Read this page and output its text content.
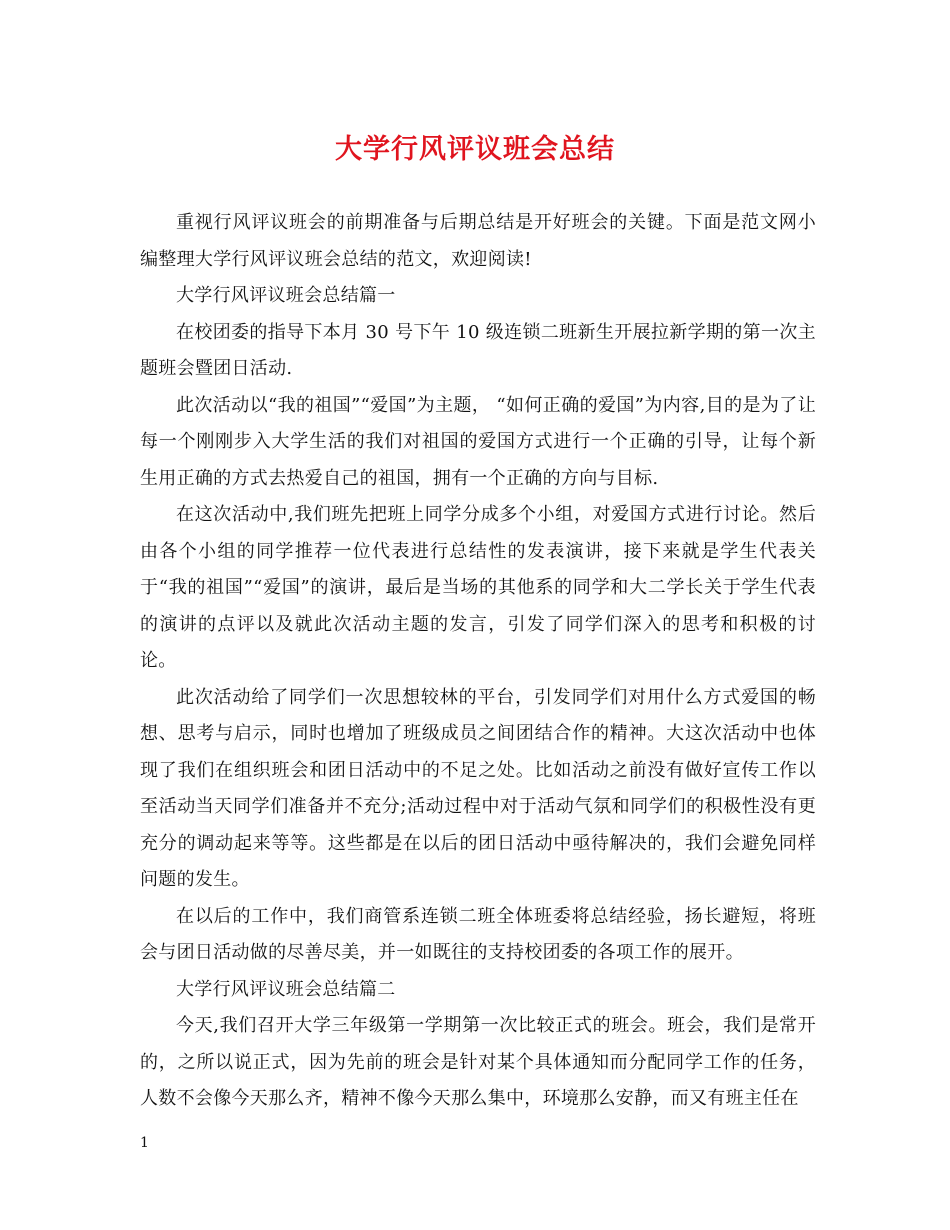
大学行风评议班会总结

重视行风评议班会的前期准备与后期总结是开好班会的关键。下面是范文网小编整理大学行风评议班会总结的范文，欢迎阅读!

大学行风评议班会总结篇一

在校团委的指导下本月 30 号下午 10 级连锁二班新生开展拉新学期的第一次主题班会暨团日活动.

此次活动以“我的祖国”“爱国”为主题， “如何正确的爱国”为内容,目的是为了让每一个刚刚步入大学生活的我们对祖国的爱国方式进行一个正确的引导，让每个新生用正确的方式去热爱自己的祖国，拥有一个正确的方向与目标.

在这次活动中,我们班先把班上同学分成多个小组，对爱国方式进行讨论。然后由各个小组的同学推荐一位代表进行总结性的发表演讲，接下来就是学生代表关于“我的祖国”“爱国”的演讲，最后是当场的其他系的同学和大二学长关于学生代表的演讲的点评以及就此次活动主题的发言，引发了同学们深入的思考和积极的讨论。

此次活动给了同学们一次思想较林的平台，引发同学们对用什么方式爱国的畅想、思考与启示，同时也增加了班级成员之间团结合作的精神。大这次活动中也体现了我们在组织班会和团日活动中的不足之处。比如活动之前没有做好宣传工作以至活动当天同学们准备并不充分;活动过程中对于活动气氛和同学们的积极性没有更充分的调动起来等等。这些都是在以后的团日活动中亟待解决的，我们会避免同样问题的发生。

在以后的工作中，我们商管系连锁二班全体班委将总结经验，扬长避短，将班会与团日活动做的尽善尽美，并一如既往的支持校团委的各项工作的展开。

大学行风评议班会总结篇二

今天,我们召开大学三年级第一学期第一次比较正式的班会。班会，我们是常开的，之所以说正式，因为先前的班会是针对某个具体通知而分配同学工作的任务，人数不会像今天那么齐，精神不像今天那么集中，环境那么安静，而又有班主任在

1
